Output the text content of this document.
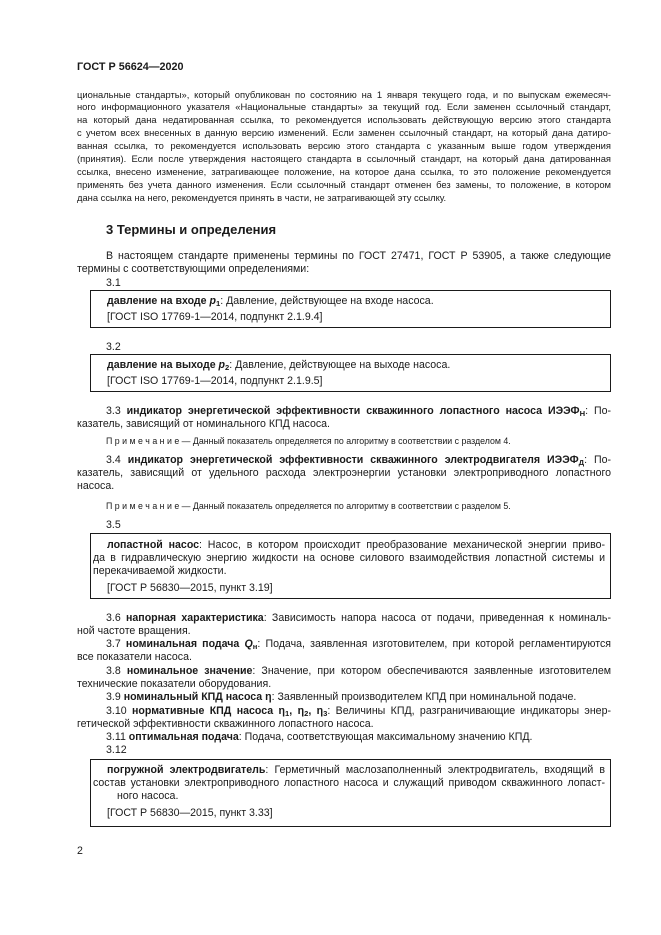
ГОСТ Р 56624—2020
циональные стандарты», который опубликован по состоянию на 1 января текущего года, и по выпускам ежемесяч-
ного информационного указателя «Национальные стандарты» за текущий год. Если заменен ссылочный стандарт,
на который дана недатированная ссылка, то рекомендуется использовать действующую версию этого стандарта
с учетом всех внесенных в данную версию изменений. Если заменен ссылочный стандарт, на который дана датиро-
ванная ссылка, то рекомендуется использовать версию этого стандарта с указанным выше годом утверждения
(принятия). Если после утверждения настоящего стандарта в ссылочный стандарт, на который дана датированная
ссылка, внесено изменение, затрагивающее положение, на которое дана ссылка, то это положение рекомендуется
применять без учета данного изменения. Если ссылочный стандарт отменен без замены, то положение, в котором
дана ссылка на него, рекомендуется принять в части, не затрагивающей эту ссылку.
3 Термины и определения
В настоящем стандарте применены термины по ГОСТ 27471, ГОСТ Р 53905, а также следующие
термины с соответствующими определениями:
3.1
давление на входе $p_1$: Давление, действующее на входе насоса.
[ГОСТ ISO 17769-1—2014, подпункт 2.1.9.4]
3.2
давление на выходе $p_2$: Давление, действующее на выходе насоса.
[ГОСТ ISO 17769-1—2014, подпункт 2.1.9.5]
3.3 индикатор энергетической эффективности скважинного лопастного насоса $ИЭЭФ_Н$: По-
казатель, зависящий от номинального КПД насоса.
П р и м е ч а н и е — Данный показатель определяется по алгоритму в соответствии с разделом 4.
3.4 индикатор энергетической эффективности скважинного электродвигателя $ИЭЭФ_Д$: По-
казатель, зависящий от удельного расхода электроэнергии установки электроприводного лопастного
насоса.
П р и м е ч а н и е — Данный показатель определяется по алгоритму в соответствии с разделом 5.
3.5
лопастной насос: Насос, в котором происходит преобразование механической энергии приво-
да в гидравлическую энергию жидкости на основе силового взаимодействия лопастной системы и
перекачиваемой жидкости.
[ГОСТ Р 56830—2015, пункт 3.19]
3.6 напорная характеристика: Зависимость напора насоса от подачи, приведенная к номиналь-
ной частоте вращения.
3.7 номинальная подача $Q_н$: Подача, заявленная изготовителем, при которой регламентируются
все показатели насоса.
3.8 номинальное значение: Значение, при котором обеспечиваются заявленные изготовителем
технические показатели оборудования.
3.9 номинальный КПД насоса η: Заявленный производителем КПД при номинальной подаче.
3.10 нормативные КПД насоса $\eta_1$, $\eta_2$, $\eta_3$: Величины КПД, разграничивающие индикаторы энер-
гетической эффективности скважинного лопастного насоса.
3.11 оптимальная подача: Подача, соответствующая максимальному значению КПД.
3.12
погружной электродвигатель: Герметичный маслозаполненный электродвигатель, входящий в
состав установки электроприводного лопастного насоса и служащий приводом скважинного лопаст-
ного насоса.
[ГОСТ Р 56830—2015, пункт 3.33]
2
